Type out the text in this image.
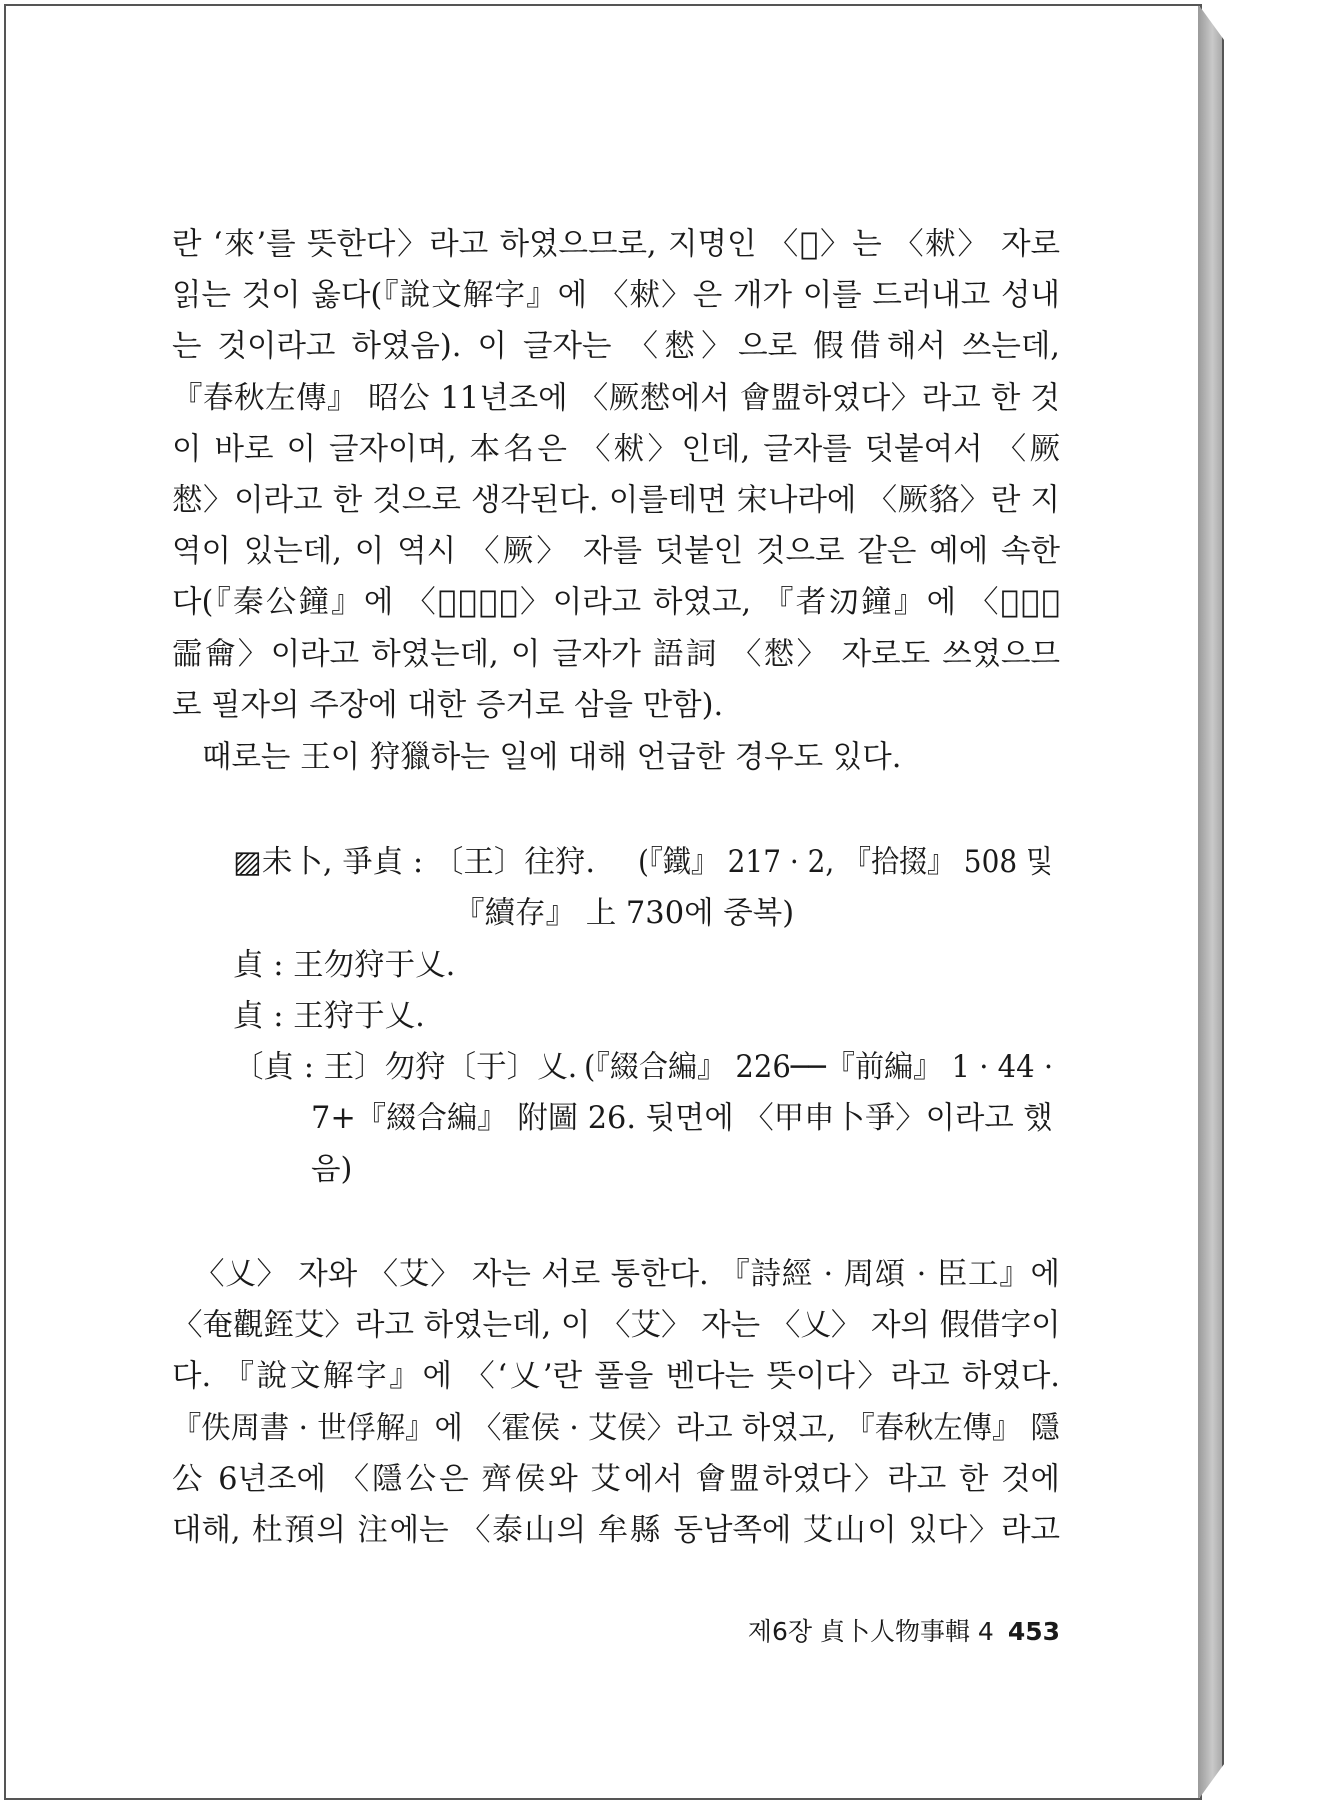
란 ‘來’를 뜻한다〉라고 하였으므로, 지명인 〈𦥷〉는 〈猌〉 자로
읽는 것이 옳다(『說文解字』에 〈猌〉은 개가 이를 드러내고 성내
는 것이라고 하였음). 이 글자는 〈憖〉으로 假借해서 쓰는데,
『春秋左傳』 昭公 11년조에 〈厥憖에서 會盟하였다〉라고 한 것
이 바로 이 글자이며, 本名은 〈猌〉인데, 글자를 덧붙여서 〈厥
憖〉이라고 한 것으로 생각된다. 이를테면 宋나라에 〈厥貉〉란 지
역이 있는데, 이 역시 〈厥〉 자를 덧붙인 것으로 같은 예에 속한
다(『秦公鐘』에 〈𦥷龢萬民〉이라고 하였고, 『者𣱼鐘』에 〈𦥷于我
霝龠〉이라고 하였는데, 이 글자가 語詞 〈憖〉 자로도 쓰였으므
로 필자의 주장에 대한 증거로 삼을 만함).
때로는 王이 狩獵하는 일에 대해 언급한 경우도 있다.
▨未卜, 爭貞 : 〔王〕往狩. (『鐵』 217 · 2, 『拾掇』 508 및
『續存』 上 730에 중복)
貞 : 王勿狩于乂.
貞 : 王狩于乂.
〔貞 : 王〕勿狩〔于〕乂. (『綴合編』 226──『前編』 1 · 44 ·
7+『綴合編』 附圖 26. 뒷면에 〈甲申卜爭〉이라고 했
음)
〈乂〉 자와 〈艾〉 자는 서로 통한다. 『詩經 · 周頌 · 臣工』에
〈奄觀銍艾〉라고 하였는데, 이 〈艾〉 자는 〈乂〉 자의 假借字이
다. 『說文解字』에 〈‘乂’란 풀을 벤다는 뜻이다〉라고 하였다.
『佚周書 · 世俘解』에 〈霍侯 · 艾侯〉라고 하였고, 『春秋左傳』 隱
公 6년조에 〈隱公은 齊侯와 艾에서 會盟하였다〉라고 한 것에
대해, 杜預의 注에는 〈泰山의 牟縣 동남쪽에 艾山이 있다〉라고
제6장 貞卜人物事輯 4 453
